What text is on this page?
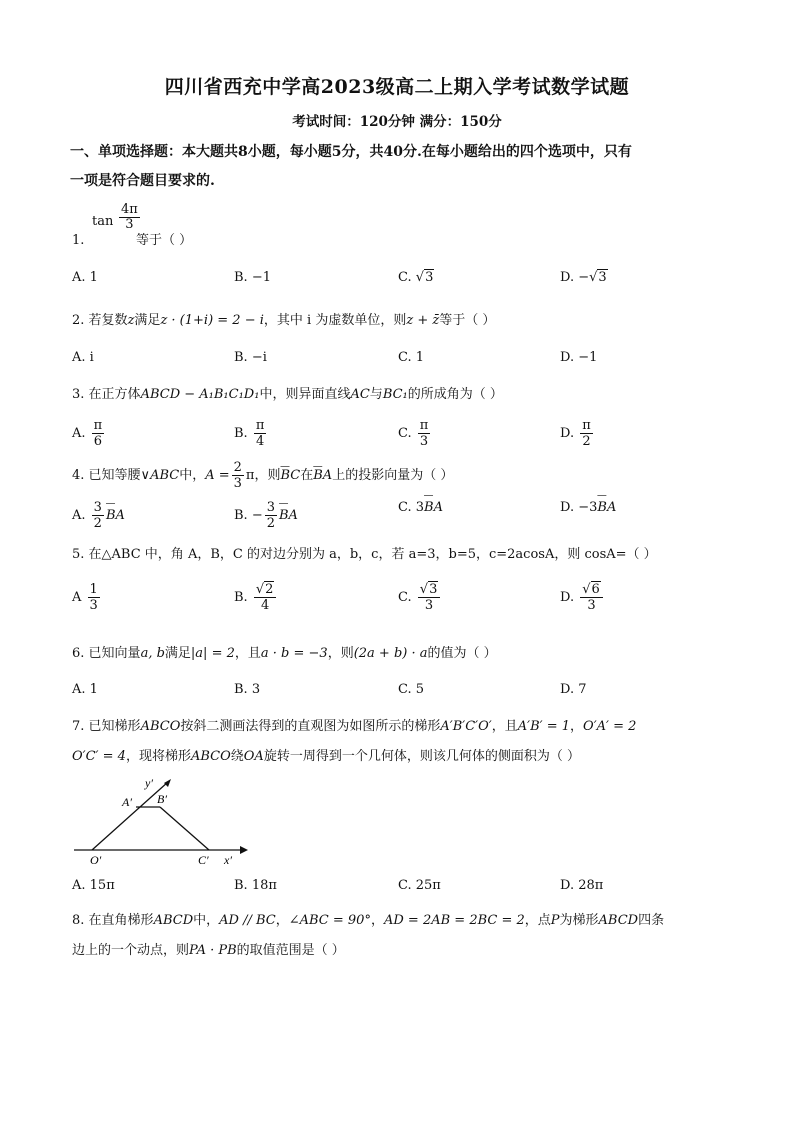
四川省西充中学高2023级高二上期入学考试数学试题
考试时间：120分钟 满分：150分
一、单项选择题：本大题共8小题，每小题5分，共40分.在每小题给出的四个选项中，只有
一项是符合题目要求的.
$\tan \frac{4\pi}{3}$
1.	等于（ ）
A. 1	B. −1	C. √3	D. −√3
2. 若复数z满足z · (1+i) = 2 − i，其中 i 为虚数单位，则z + z̄等于（ ）
A. i	B. −i	C. 1	D. −1
3. 在正方体ABCD − A₁B₁C₁D₁中，则异面直线AC与BC₁的所成角为（ ）
A. $\frac{\pi}{6}$	B. $\frac{\pi}{4}$	C. $\frac{\pi}{3}$	D. $\frac{\pi}{2}$
4. 已知等腰∨ABC中，$A = \frac{2}{3}$ π，则― BC在― BA上的投影向量为（ ）
A. $\frac{3}{2}$ ― BA	B. − $\frac{3}{2}$ ― BA
C. 3― BA	D. −3― BA
5. 在△ABC 中，角 A，B，C 的对边分别为 a，b，c，若 a=3，b=5，c=2acosA，则 cosA=（ ）
A $\frac{1}{3}$	B. $\frac{√2}{4}$	C. $\frac{√3}{3}$	D. $\frac{√6}{3}$
6. 已知向量a, b满足|a| = 2，且a · b = −3，则(2a + b) · a的值为（ ）
A. 1	B. 3	C. 5	D. 7
7. 已知梯形ABCO按斜二测画法得到的直观图为如图所示的梯形A′B′C′O′，且A′B′ = 1，O′A′ = 2
O′C′ = 4，现将梯形ABCO绕OA旋转一周得到一个几何体，则该几何体的侧面积为（ ）
y′
A′ B′
O′	C′ x′
A. 15π	B. 18π	C. 25π	D. 28π
8. 在直角梯形ABCD中，AD // BC，∠ABC = 90°，AD = 2AB = 2BC = 2，点P为梯形ABCD四条
边上的一个动点，则PA · PB的取值范围是（ ）
